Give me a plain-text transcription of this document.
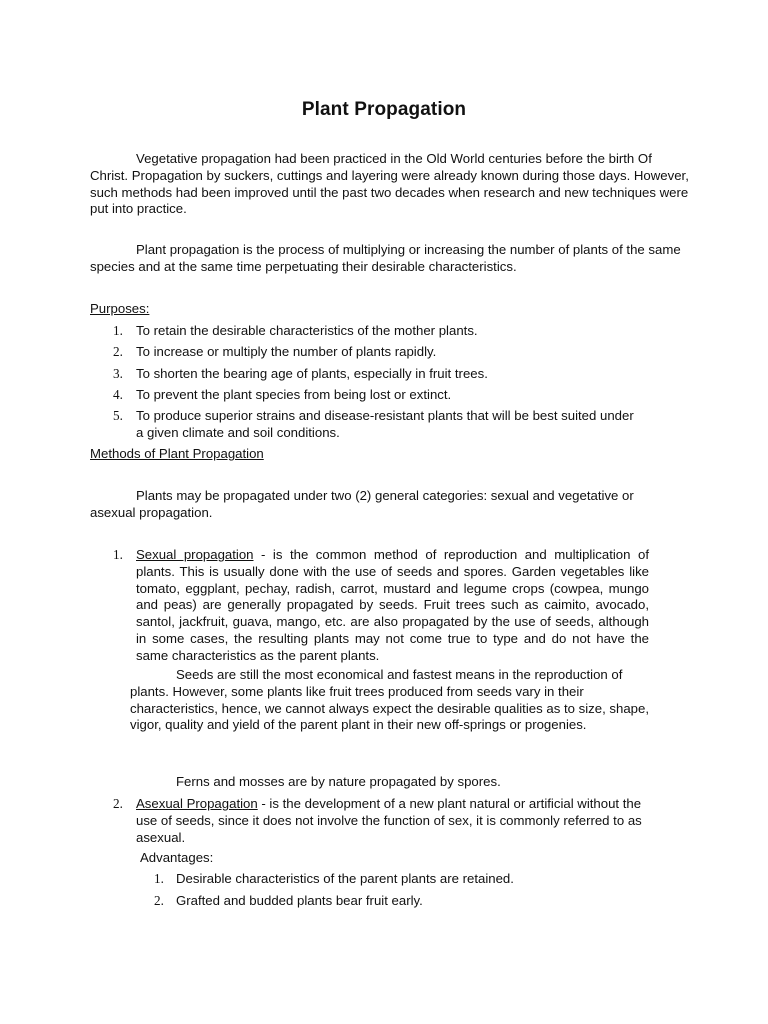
Plant Propagation

Vegetative propagation had been practiced in the Old World centuries before the birth Of Christ. Propagation by suckers, cuttings and layering were already known during those days. However, such methods had been improved until the past two decades when research and new techniques were put into practice.

Plant propagation is the process of multiplying or increasing the number of plants of the same species and at the same time perpetuating their desirable characteristics.

Purposes:
1. To retain the desirable characteristics of the mother plants.
2. To increase or multiply the number of plants rapidly.
3. To shorten the bearing age of plants, especially in fruit trees.
4. To prevent the plant species from being lost or extinct.
5. To produce superior strains and disease-resistant plants that will be best suited under a given climate and soil conditions.
Methods of Plant Propagation

Plants may be propagated under two (2) general categories: sexual and vegetative or asexual propagation.

1. Sexual propagation - is the common method of reproduction and multiplication of plants. This is usually done with the use of seeds and spores. Garden vegetables like tomato, eggplant, pechay, radish, carrot, mustard and legume crops (cowpea, mungo and peas) are generally propagated by seeds. Fruit trees such as caimito, avocado, santol, jackfruit, guava, mango, etc. are also propagated by the use of seeds, although in some cases, the resulting plants may not come true to type and do not have the same characteristics as the parent plants.

Seeds are still the most economical and fastest means in the reproduction of plants. However, some plants like fruit trees produced from seeds vary in their characteristics, hence, we cannot always expect the desirable qualities as to size, shape, vigor, quality and yield of the parent plant in their new off-springs or progenies.

Ferns and mosses are by nature propagated by spores.
2. Asexual Propagation - is the development of a new plant natural or artificial without the use of seeds, since it does not involve the function of sex, it is commonly referred to as asexual.

Advantages:
1. Desirable characteristics of the parent plants are retained.
2. Grafted and budded plants bear fruit early.
